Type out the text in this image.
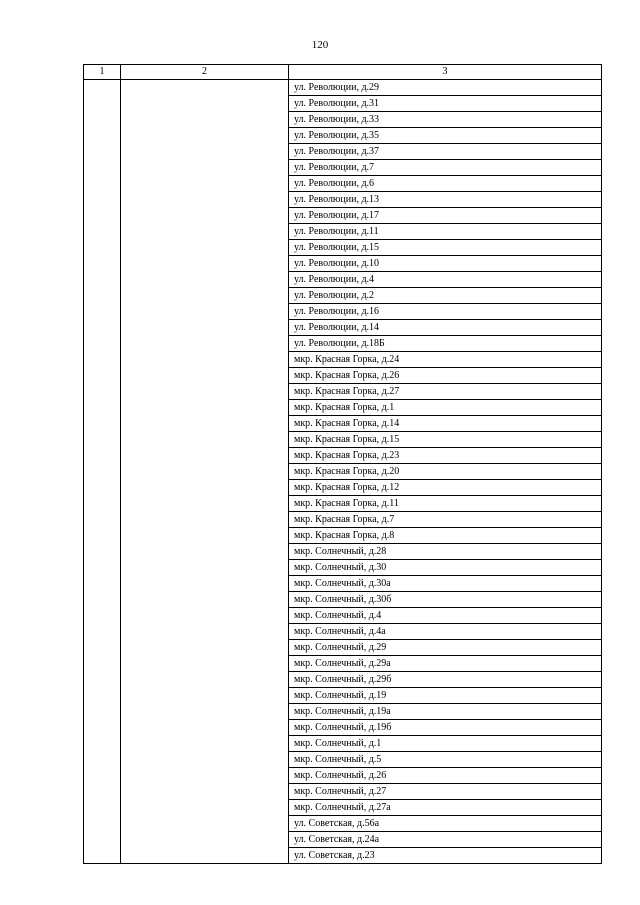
120
1	2	3
		ул. Революции, д.29
		ул. Революции, д.31
		ул. Революции, д.33
		ул. Революции, д.35
		ул. Революции, д.37
		ул. Революции, д.7
		ул. Революции, д.6
		ул. Революции, д.13
		ул. Революции, д.17
		ул. Революции, д.11
		ул. Революции, д.15
		ул. Революции, д.10
		ул. Революции, д.4
		ул. Революции, д.2
		ул. Революции, д.16
		ул. Революции, д.14
		ул. Революции, д.18Б
		мкр. Красная Горка, д.24
		мкр. Красная Горка, д.26
		мкр. Красная Горка, д.27
		мкр. Красная Горка, д.1
		мкр. Красная Горка, д.14
		мкр. Красная Горка, д.15
		мкр. Красная Горка, д.23
		мкр. Красная Горка, д.20
		мкр. Красная Горка, д.12
		мкр. Красная Горка, д.11
		мкр. Красная Горка, д.7
		мкр. Красная Горка, д.8
		мкр. Солнечный, д.28
		мкр. Солнечный, д.30
		мкр. Солнечный, д.30а
		мкр. Солнечный, д.30б
		мкр. Солнечный, д.4
		мкр. Солнечный, д.4а
		мкр. Солнечный, д.29
		мкр. Солнечный, д.29а
		мкр. Солнечный, д.29б
		мкр. Солнечный, д.19
		мкр. Солнечный, д.19а
		мкр. Солнечный, д.19б
		мкр. Солнечный, д.1
		мкр. Солнечный, д.5
		мкр. Солнечный, д.26
		мкр. Солнечный, д.27
		мкр. Солнечный, д.27а
		ул. Советская, д.56а
		ул. Советская, д.24а
		ул. Советская, д.23
